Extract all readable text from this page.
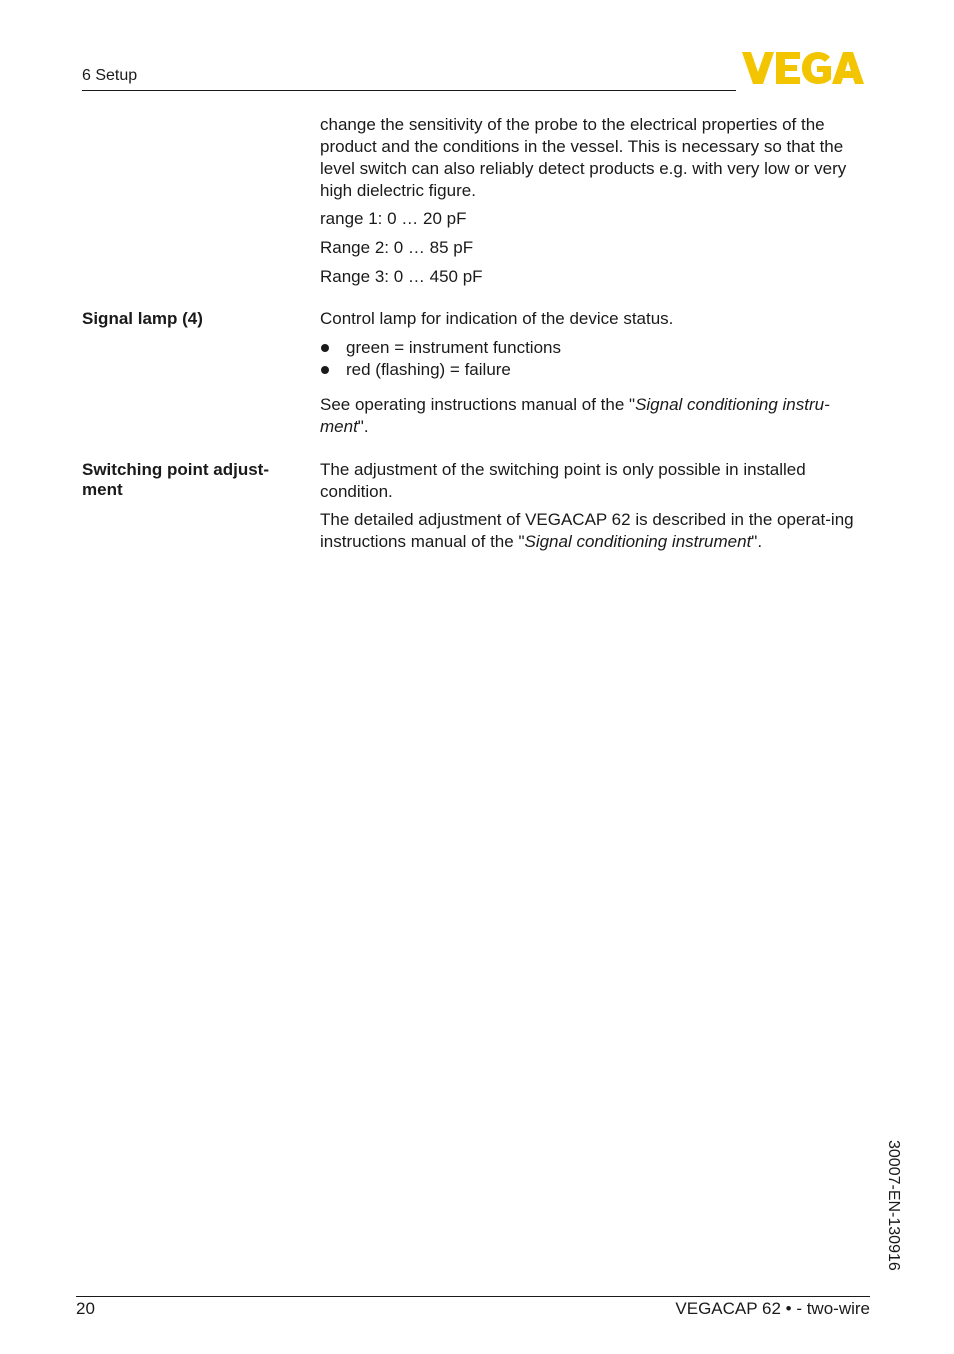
6 Setup

change the sensitivity of the probe to the electrical properties of the product and the conditions in the vessel. This is necessary so that the level switch can also reliably detect products e.g. with very low or very high dielectric figure.

range 1: 0 … 20 pF

Range 2: 0 … 85 pF

Range 3: 0 … 450 pF

Signal lamp (4)	Control lamp for indication of the device status.

green = instrument functions
red (flashing) = failure

See operating instructions manual of the "Signal conditioning instru-ment".

Switching point adjust-ment

The adjustment of the switching point is only possible in installed condition.

The detailed adjustment of VEGACAP 62 is described in the operat-ing instructions manual of the "Signal conditioning instrument".

30007-EN-130916
20	VEGACAP 62 • - two-wire
